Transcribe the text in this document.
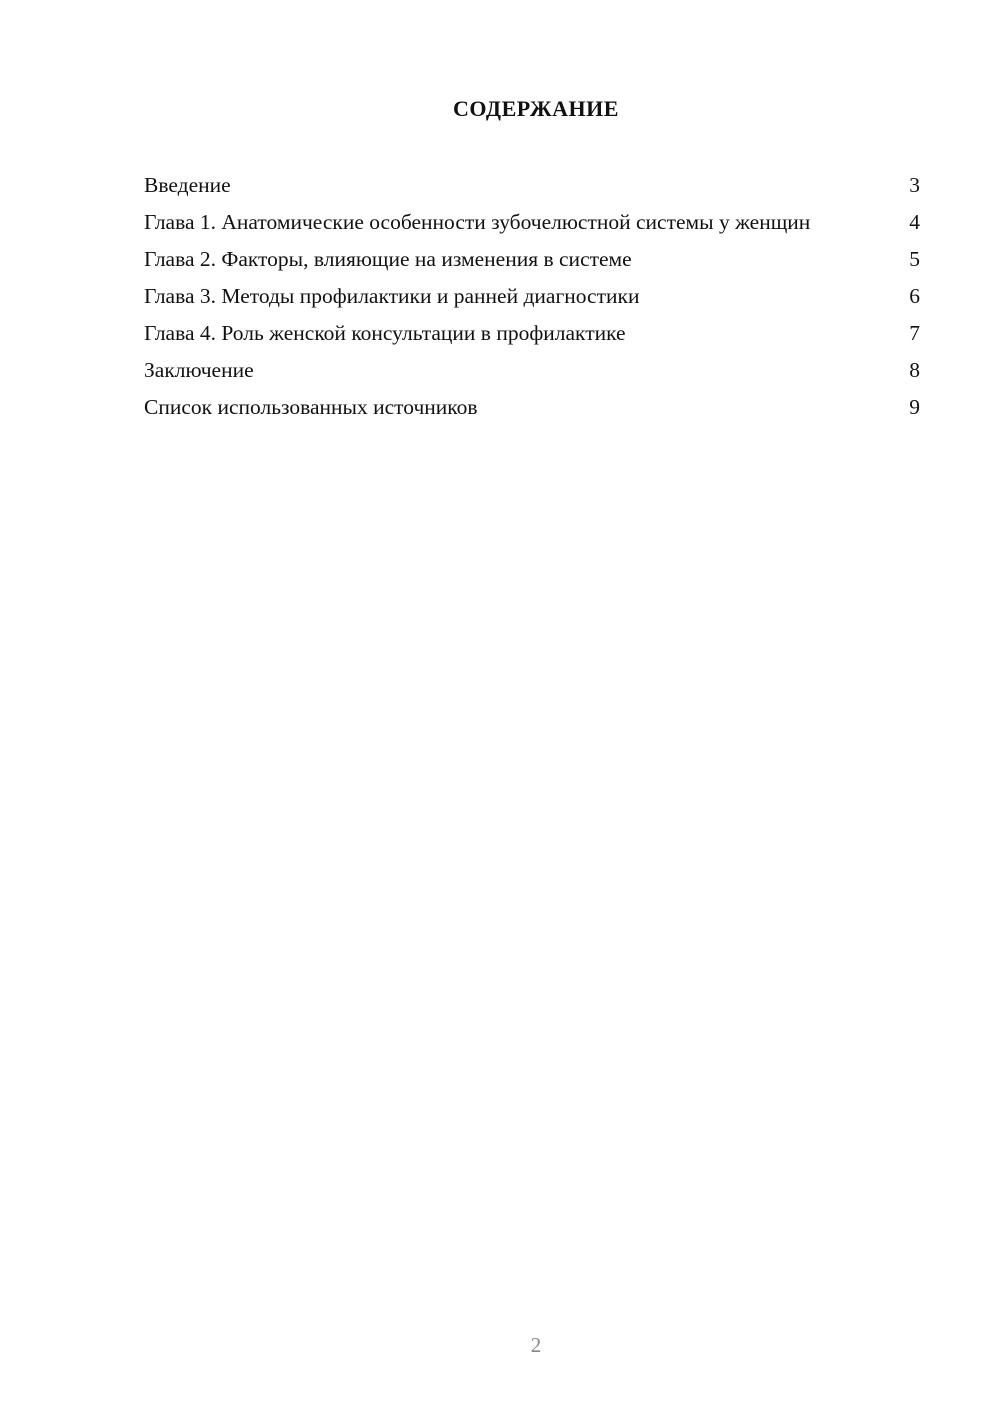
СОДЕРЖАНИЕ
Введение	3
Глава 1. Анатомические особенности зубочелюстной системы у женщин	4
Глава 2. Факторы, влияющие на изменения в системе	5
Глава 3. Методы профилактики и ранней диагностики	6
Глава 4. Роль женской консультации в профилактике	7
Заключение	8
Список использованных источников	9
2
